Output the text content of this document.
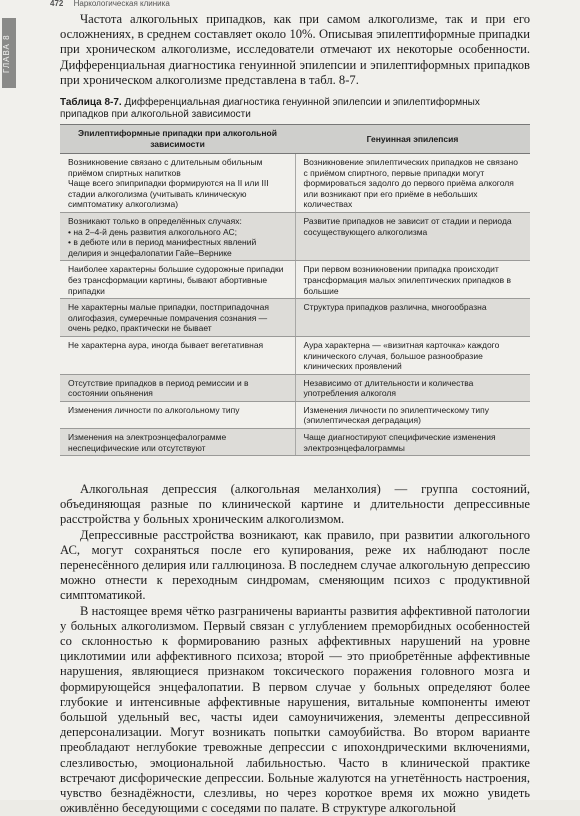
472 Наркологическая клиника
ГЛАВА 8

Частота алкогольных припадков, как при самом алкоголизме, так и при его осложнениях, в среднем составляет около 10%. Описывая эпилептиформные припадки при хроническом алкоголизме, исследователи отмечают их некоторые особенности. Дифференциальная диагностика генуинной эпилепсии и эпилептиформных припадков при хроническом алкоголизме представлена в табл. 8-7.

Таблица 8-7. Дифференциальная диагностика генуинной эпилепсии и эпилептиформных припадков при алкогольной зависимости
Эпилептиформные припадки при алкогольной зависимости	Генуинная эпилепсия

Возникновение связано с длительным обильным приёмом спиртных напитков
Чаще всего эпиприпадки формируются на II или III стадии алкоголизма (учитывать клиническую симптоматику алкоголизма)	Возникновение эпилептических припадков не связано с приёмом спиртного, первые припадки могут формироваться задолго до первого приёма алкоголя или возникают при его приёме в небольших количествах

Возникают только в определённых случаях:
• на 2–4-й день развития алкогольного АС;
• в дебюте или в период манифестных явлений делирия и энцефалопатии Гайе–Вернике	Развитие припадков не зависит от стадии и периода сосуществующего алкоголизма

Наиболее характерны большие судорожные припадки без трансформации картины, бывают абортивные припадки	При первом возникновении припадка происходит трансформация малых эпилептических припадков в большие

Не характерны малые припадки, постприпадочная олигофазия, сумеречные помрачения сознания — очень редко, практически не бывает	Структура припадков различна, многообразна

Не характерна аура, иногда бывает вегетативная	Аура характерна — «визитная карточка» каждого клинического случая, большое разнообразие клинических проявлений

Отсутствие припадков в период ремиссии и в состоянии опьянения	Независимо от длительности и количества употребления алкоголя

Изменения личности по алкогольному типу	Изменения личности по эпилептическому типу (эпилептическая деградация)

Изменения на электроэнцефалограмме неспецифические или отсутствуют	Чаще диагностируют специфические изменения электроэнцефалограммы

Алкогольная депрессия (алкогольная меланхолия) — группа состояний, объединяющая разные по клинической картине и длительности депрессивные расстройства у больных хроническим алкоголизмом.

Депрессивные расстройства возникают, как правило, при развитии алкогольного АС, могут сохраняться после его купирования, реже их наблюдают после перенесённого делирия или галлюциноза. В последнем случае алкогольную депрессию можно отнести к переходным синдромам, сменяющим психоз с продуктивной симптоматикой.

В настоящее время чётко разграничены варианты развития аффективной патологии у больных алкоголизмом. Первый связан с углублением преморбидных особенностей со склонностью к формированию разных аффективных нарушений на уровне циклотимии или аффективного психоза; второй — это приобретённые аффективные нарушения, являющиеся признаком токсического поражения головного мозга и формирующейся энцефалопатии. В первом случае у больных определяют более глубокие и интенсивные аффективные нарушения, витальные компоненты имеют большой удельный вес, часты идеи самоуничижения, элементы депрессивной деперсонализации. Могут возникать попытки самоубийства. Во втором варианте преобладают неглубокие тревожные депрессии с ипохондрическими включениями, слезливостью, эмоциональной лабильностью. Часто в клинической практике встречают дисфорические депрессии. Больные жалуются на угнетённость настроения, чувство безнадёжности, слезливы, но через короткое время их можно увидеть оживлённо беседующими с соседями по палате. В структуре алкогольной
